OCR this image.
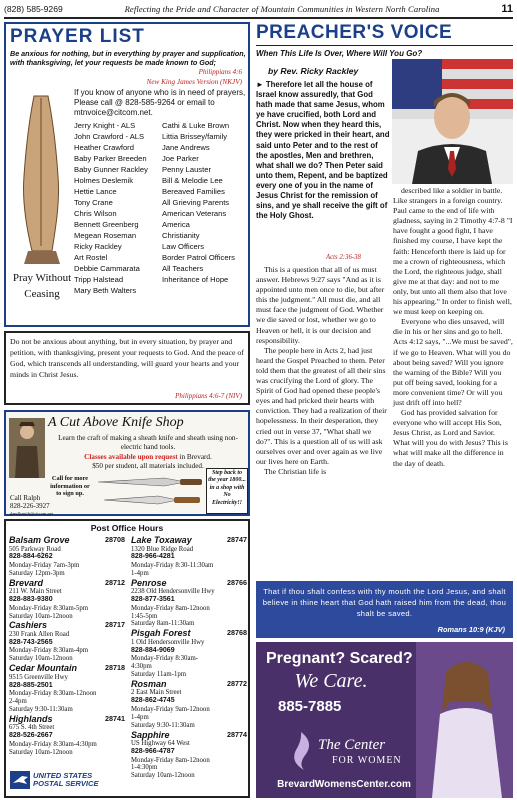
(828) 585-9269	Reflecting the Pride and Character of Mountain Communities in Western North Carolina	11
PRAYER LIST
Be anxious for nothing, but in everything by prayer and supplication, with thanksgiving, let your requests be made known to God;
Philippians 4:6
New King James Version (NKJV)
Pray Without
Ceasing
If you know of anyone who is in need of prayers, Please call @ 828-585-9264 or email to mtnvoice@citcom.net.
Jerry Knight - ALS
John Crawford - ALS
Heather Crawford
Baby Parker Breeden
Baby Gunner Rackley
Holmes Deslemik
Hettie Lance
Tony Crane
Chris Wilson
Bennett Greenberg
Megean Roseman
Ricky Rackley
Art Rostel
Debbie Cammarata
Tripp Halstead
Mary Beth Walters
Cathi & Luke Brown
Littia Brissey/family
Jane Andrews
Joe Parker
Penny Lauster
Bill & Melodie Lee
Bereaved Families
All Grieving Parents
American Veterans
America
Christianity
Law Officers
Border Patrol Officers
All Teachers
Inheritance of Hope
Do not be anxious about anything, but in every situation, by prayer and petition, with thanksgiving, present your requests to God. And the peace of God, which transcends all understanding, will guard your hearts and your minds in Christ Jesus.
Philippians 4:6-7 (NIV)
A Cut Above Knife Shop
Learn the craft of making a sheath knife and sheath using non-electric hand tools.
Classes available upon request in Brevard.
$50 per student, all materials included.
Call for more information or to sign up.
Step back to the year 1800... in a shop with No Electricity!!
Call Ralph
828-226-3927
dandlsmith@citcom.net
Post Office Hours
Balsam Grove	28708
505 Parkway Road
828-884-6262
Monday-Friday 7am-3pm
Saturday 12pm-3pm
Brevard	28712
211 W. Main Street
828-883-9380
Monday-Friday 8:30am-5pm
Saturday 10am-12noon
Cashiers	28717
230 Frank Allen Road
828-743-2565
Monday-Friday 8:30am-4pm
Saturday 10am-12noon
Cedar Mountain	28718
9515 Greenville Hwy
828-885-2501
Monday-Friday 8:30am-12noon
2-4pm
Saturday 9:30-11:30am
Highlands	28741
675 S. 4th Street
828-526-2667
Monday-Friday 8:30am-4:30pm
Saturday 10am-12noon
Lake Toxaway	28747
1320 Blue Ridge Road
828-966-4281
Monday-Friday 8:30-11:30am
1-4pm
Penrose	28766
2238 Old Hendersonville Hwy
828-877-3561
Monday-Friday 8am-12noon
1:45-5pm
Saturday 8am-11:30am
Pisgah Forest	28768
1 Old Hendersonville Hwy
828-884-9069
Monday-Friday 8:30am-
4:30pm
Saturday 11am-1pm
Rosman	28772
2 East Main Street
828-862-4745
Monday-Friday 9am-12noon
1-4pm
Saturday 9:30-11:30am
Sapphire	28774
US Highway 64 West
828-966-4787
Monday-Friday 8am-12noon
1-4:30pm
Saturday 10am-12noon
UNITED STATES
POSTAL SERVICE
PREACHER'S VOICE
When This Life Is Over, Where Will You Go?
by Rev. Ricky Rackley
► Therefore let all the house of Israel know assuredly, that God hath made that same Jesus, whom ye have crucified, both Lord and Christ. Now when they heard this, they were pricked in their heart, and said unto Peter and to the rest of the apostles, Men and brethren, what shall we do? Then Peter said unto them, Repent, and be baptized every one of you in the name of Jesus Christ for the remission of sins, and ye shall receive the gift of the Holy Ghost.
Acts 2:36-38

This is a question that all of us must answer. Hebrews 9:27 says "And as it is appointed unto men once to die, but after this the judgment." All must die, and all must face the judgment of God. Whether we die saved or lost, whether we go to Heaven or hell, it is our decision and responsibility.

The people here in Acts 2, had just heard the Gospel Preached to them. Peter told them that the greatest of all their sins was crucifying the Lord of glory. The Spirit of God had opened these people's eyes and had pricked their hearts with conviction. They had a realization of their hopelessness. In their desperation, they cried out in verse 37, "What shall we do?". This is a question all of us will ask ourselves over and over again as we live our lives here on Earth.

The Christian life is

described like a soldier in battle. Like strangers in a foreign country. Paul came to the end of life with gladness, saying in 2 Timothy 4:7-8 "I have fought a good fight, I have finished my course, I have kept the faith: Henceforth there is laid up for me a crown of righteousness, which the Lord, the righteous judge, shall give me at that day: and not to me only, but unto all them also that love his appearing." In order to finish well, we must keep on keeping on.

Everyone who dies unsaved, will die in his or her sins and go to hell. Acts 4:12 says, "...We must be saved", if we go to Heaven. What will you do about being saved? Will you ignore the warning of the Bible? Will you put off being saved, looking for a more convenient time? Or will you just drift off into hell?

God has provided salvation for everyone who will accept His Son, Jesus Christ, as Lord and Savior. What will you do with Jesus? This is what will make all the difference in the day of death.

That if thou shalt confess with thy mouth the Lord Jesus, and shalt believe in thine heart that God hath raised him from the dead, thou shalt be saved.
Romans 10:9 (KJV)
Pregnant? Scared?
We Care.
885-7885
The Center
FOR WOMEN
BrevardWomensCenter.com
